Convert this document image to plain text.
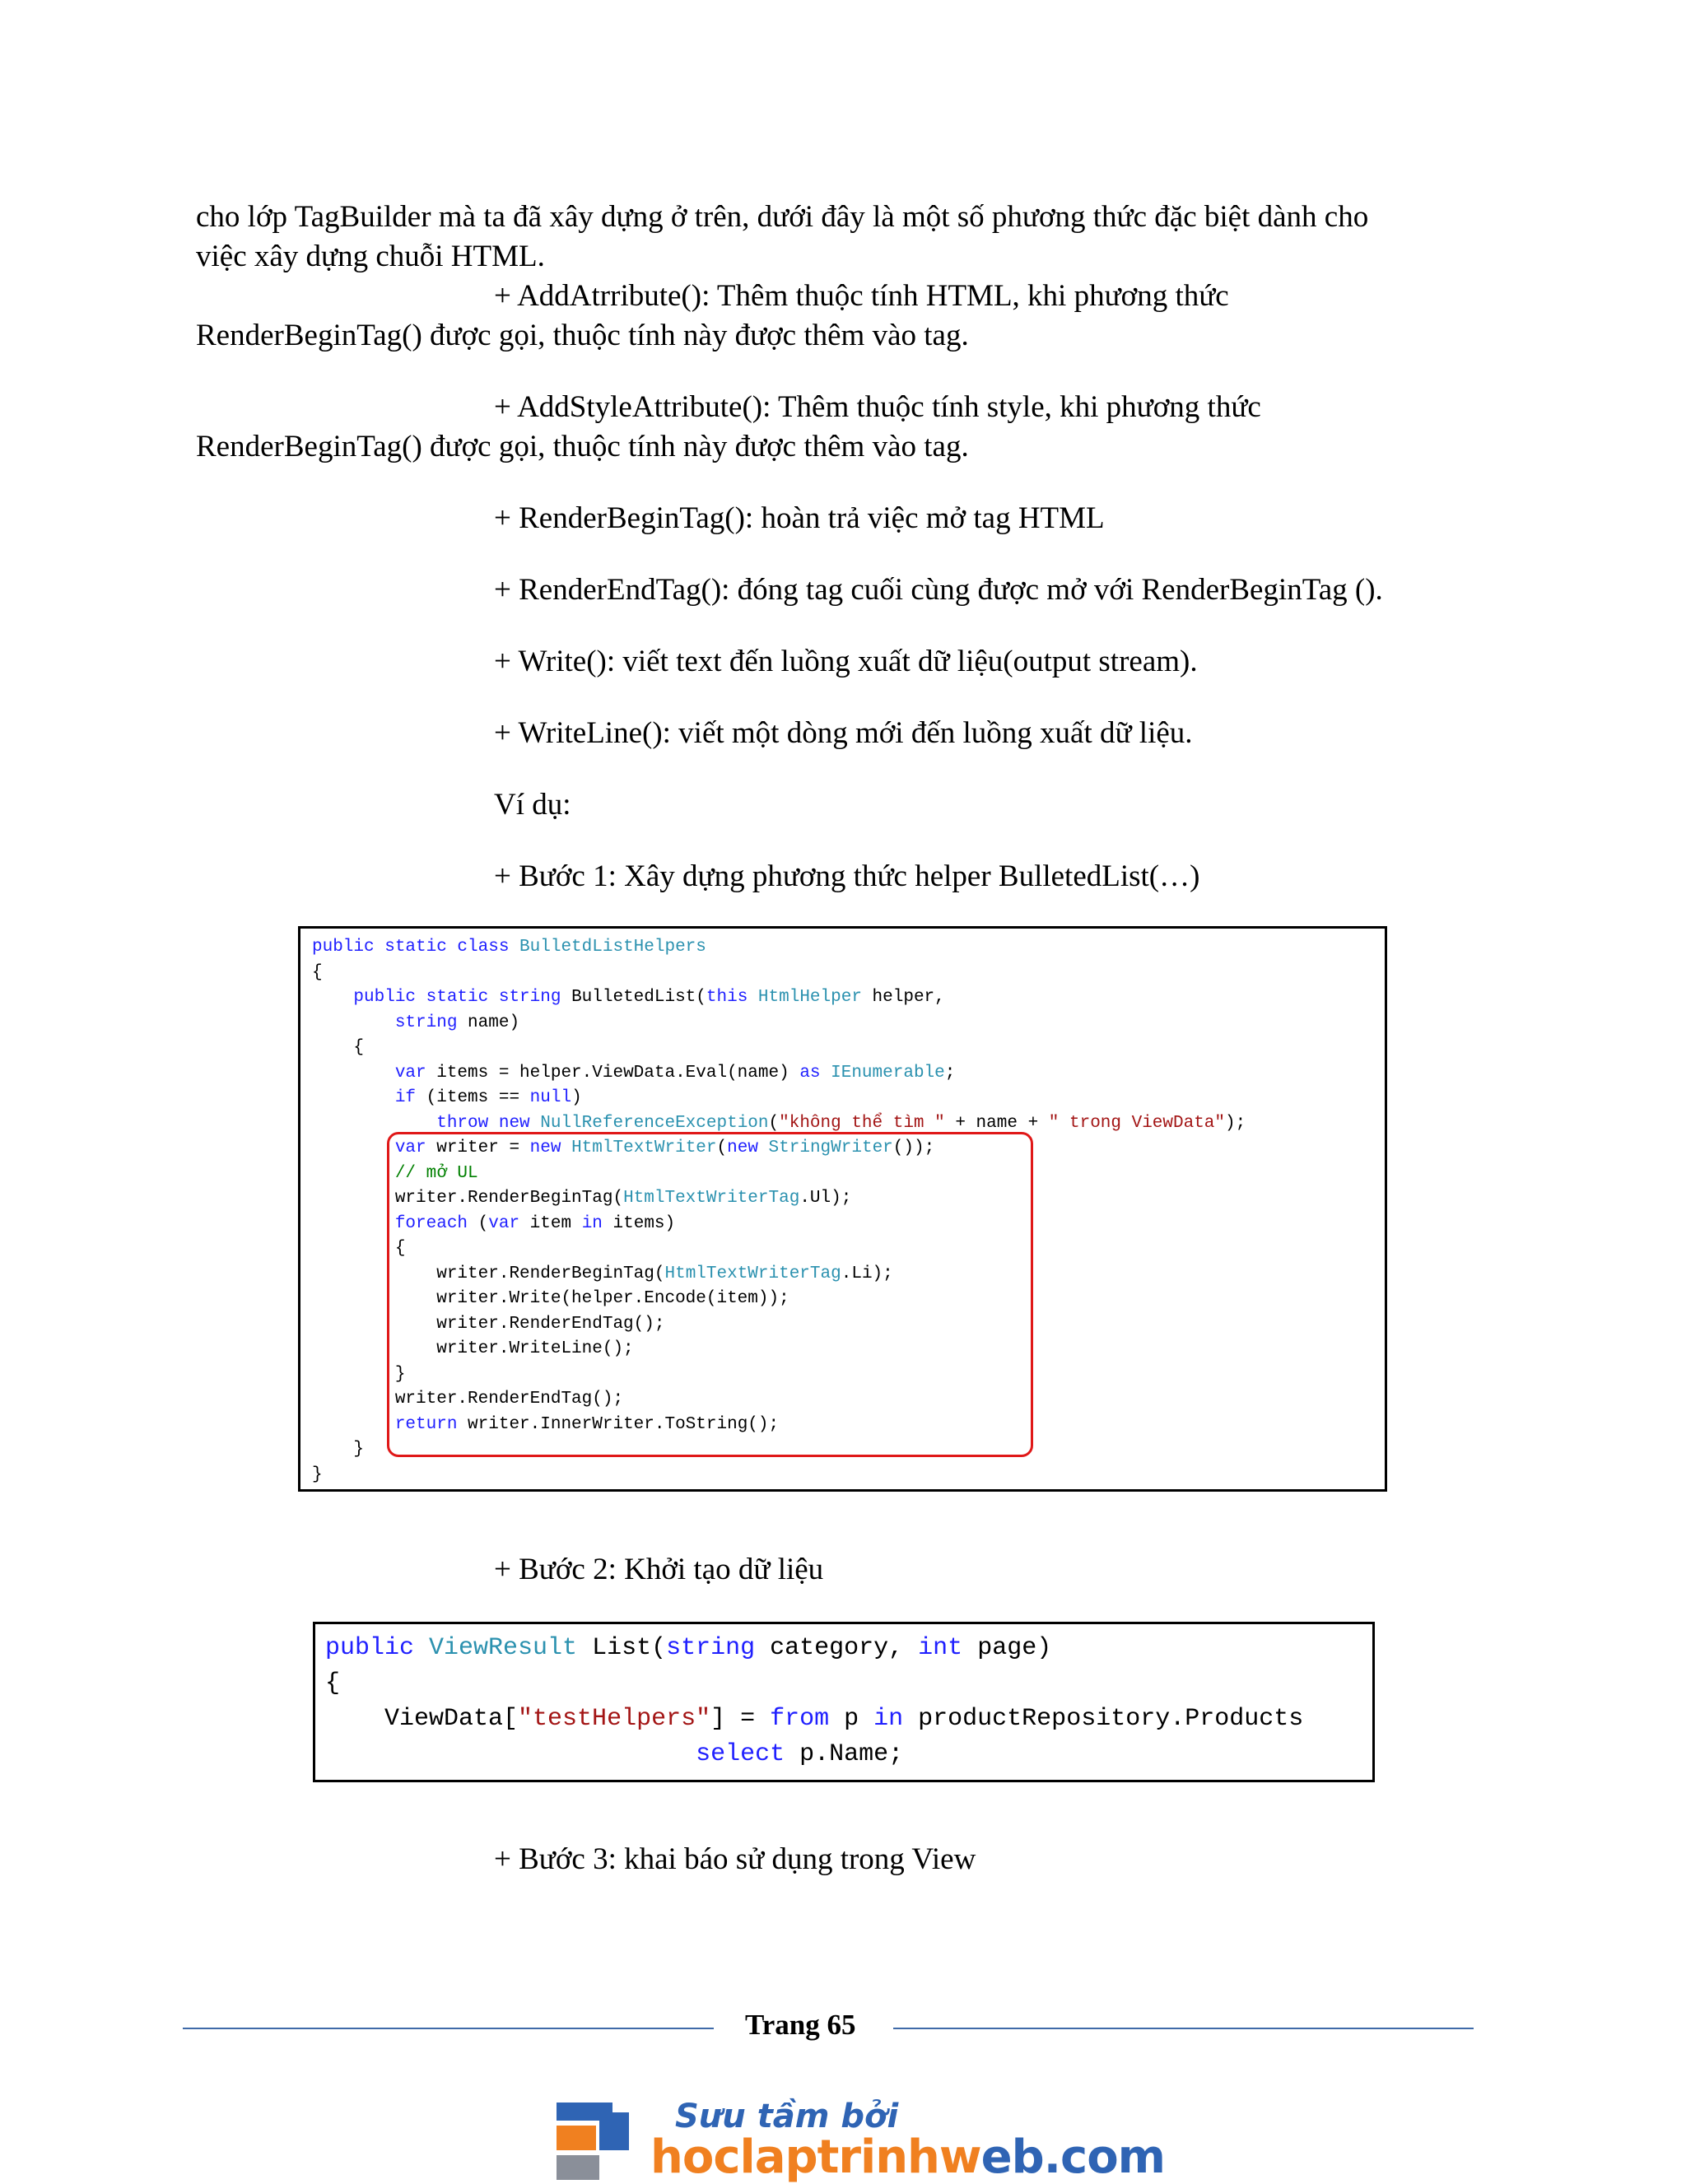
cho lớp TagBuilder mà ta đã xây dựng ở trên, dưới đây là một số phương thức đặc biệt dành cho
việc xây dựng chuỗi HTML.
+ AddAtrribute(): Thêm thuộc tính HTML, khi phương thức
RenderBeginTag() được gọi, thuộc tính này được thêm vào tag.
+ AddStyleAttribute(): Thêm thuộc tính style, khi phương thức
RenderBeginTag() được gọi, thuộc tính này được thêm vào tag.
+ RenderBeginTag(): hoàn trả việc mở tag HTML
+ RenderEndTag(): đóng tag cuối cùng được mở với RenderBeginTag ().
+ Write(): viết text đến luồng xuất dữ liệu(output stream).
+ WriteLine(): viết một dòng mới đến luồng xuất dữ liệu.
Ví dụ:
+ Bước 1: Xây dựng phương thức helper BulletedList(…)
public static class BulletdListHelpers
{
public static string BulletedList(this HtmlHelper helper,
string name)
{
var items = helper.ViewData.Eval(name) as IEnumerable;
if (items == null)
throw new NullReferenceException("không thể tìm " + name + " trong ViewData");
var writer = new HtmlTextWriter(new StringWriter());
// mở UL
writer.RenderBeginTag(HtmlTextWriterTag.Ul);
foreach (var item in items)
{
writer.RenderBeginTag(HtmlTextWriterTag.Li);
writer.Write(helper.Encode(item));
writer.RenderEndTag();
writer.WriteLine();
}
writer.RenderEndTag();
return writer.InnerWriter.ToString();
}
}
+ Bước 2: Khởi tạo dữ liệu
public ViewResult List(string category, int page)
{
ViewData["testHelpers"] = from p in productRepository.Products
select p.Name;
+ Bước 3: khai báo sử dụng trong View
Trang 65
Sưu tầm bởi
hoclaptrinhweb.com
